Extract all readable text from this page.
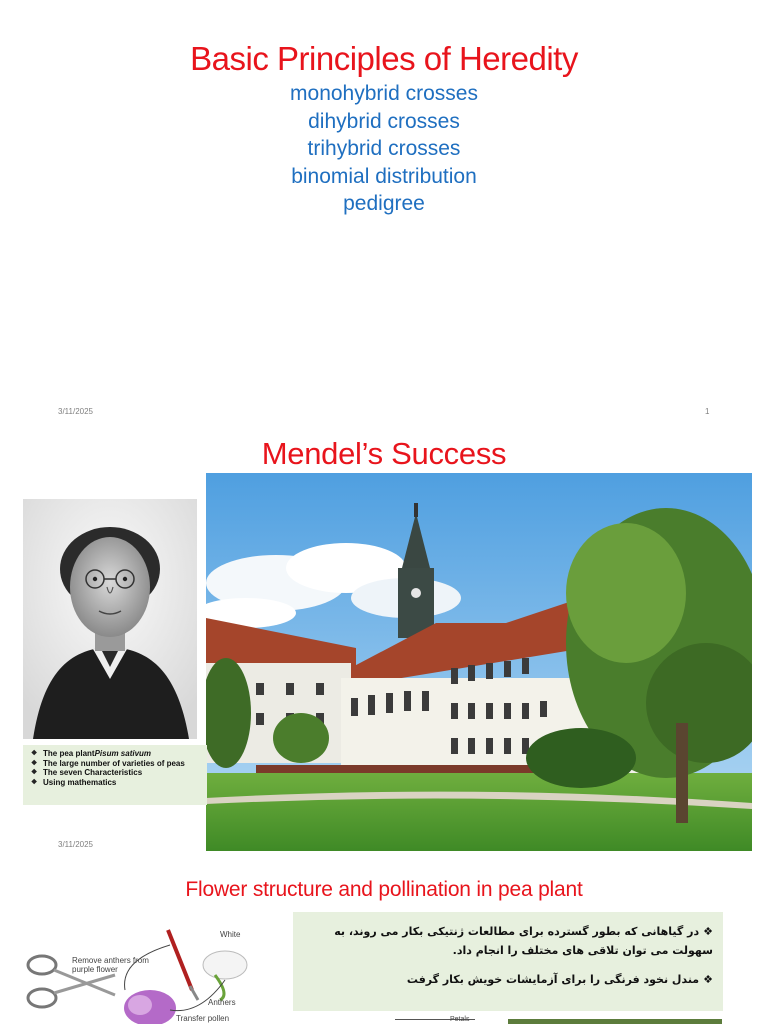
Basic Principles of Heredity
monohybrid crosses
dihybrid crosses
trihybrid crosses
binomial distribution
pedigree
3/11/2025	1
Mendel’s Success
❖ The pea plant Pisum sativum
❖ The large number of varieties of peas
❖ The seven Characteristics
❖ Using mathematics
3/11/2025
Flower structure and pollination in pea plant
White
Remove anthers from purple flower
Anthers
Transfer pollen
❖در گیاهانی که بطور گسترده برای مطالعات ژنتیکی بکار می روند، به سهولت می توان تلاقی های مختلف را انجام داد.
❖مندل نخود فرنگی را برای آزمایشات خویش بکار گرفت
Petals
